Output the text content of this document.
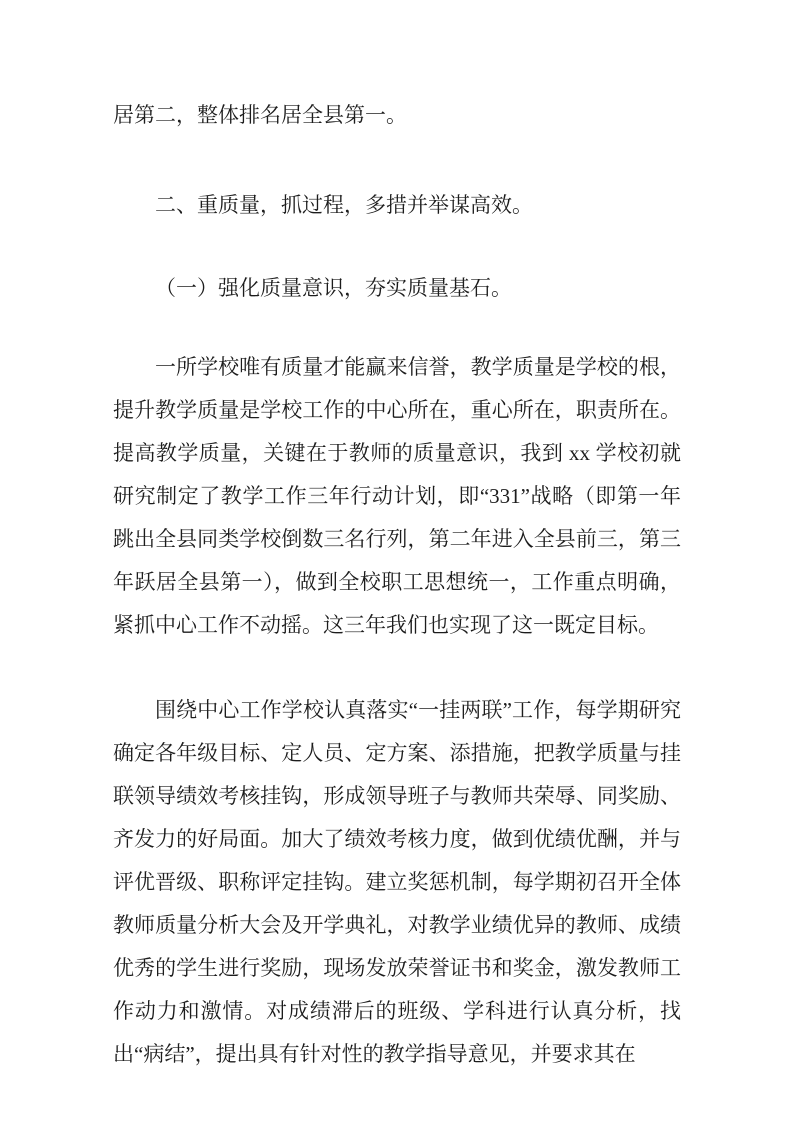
居第二，整体排名居全县第一。

二、重质量，抓过程，多措并举谋高效。

（一）强化质量意识，夯实质量基石。

一所学校唯有质量才能赢来信誉，教学质量是学校的根，提升教学质量是学校工作的中心所在，重心所在，职责所在。提高教学质量，关键在于教师的质量意识，我到 xx 学校初就研究制定了教学工作三年行动计划，即“331”战略（即第一年跳出全县同类学校倒数三名行列，第二年进入全县前三，第三年跃居全县第一），做到全校职工思想统一，工作重点明确，紧抓中心工作不动摇。这三年我们也实现了这一既定目标。

围绕中心工作学校认真落实“一挂两联”工作，每学期研究确定各年级目标、定人员、定方案、添措施，把教学质量与挂联领导绩效考核挂钩，形成领导班子与教师共荣辱、同奖励、齐发力的好局面。加大了绩效考核力度，做到优绩优酬，并与评优晋级、职称评定挂钩。建立奖惩机制，每学期初召开全体教师质量分析大会及开学典礼，对教学业绩优异的教师、成绩优秀的学生进行奖励，现场发放荣誉证书和奖金，激发教师工作动力和激情。对成绩滞后的班级、学科进行认真分析，找出“病结”，提出具有针对性的教学指导意见，并要求其在
